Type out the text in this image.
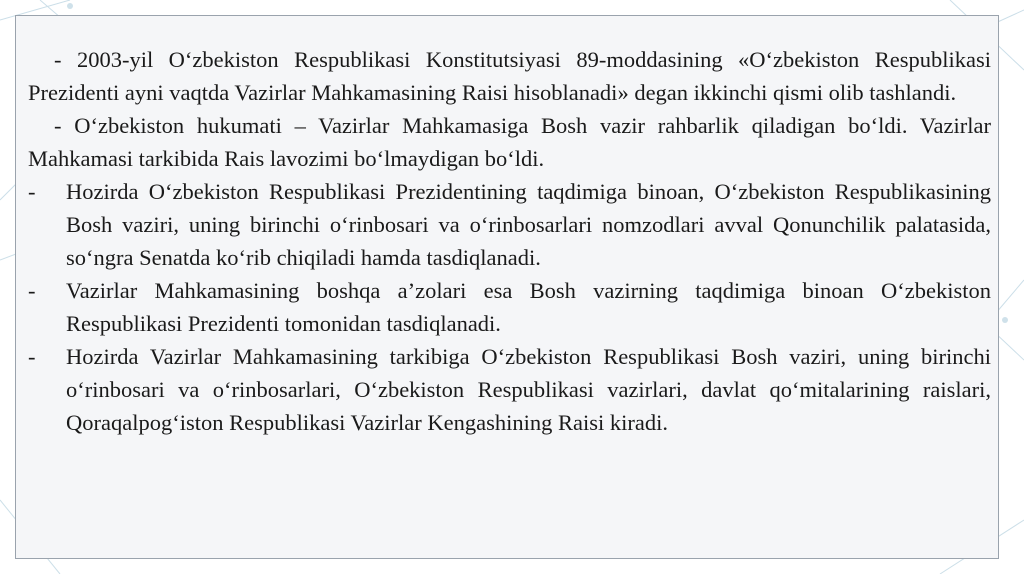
- 2003-yil O‘zbekiston Respublikasi Konstitutsiyasi 89-moddasining «O‘zbekiston Respublikasi Prezidenti ayni vaqtda Vazirlar Mahkamasining Raisi hisoblanadi» degan ikkinchi qismi olib tashlandi.

- O‘zbekiston hukumati – Vazirlar Mahkamasiga Bosh vazir rahbarlik qiladigan bo‘ldi. Vazirlar Mahkamasi tarkibida Rais lavozimi bo‘lmaydigan bo‘ldi.

-	Hozirda O‘zbekiston Respublikasi Prezidentining taqdimiga binoan, O‘zbekiston Respublikasining Bosh vaziri, uning birinchi o‘rinbosari va o‘rinbosarlari nomzodlari avval Qonunchilik palatasida, so‘ngra Senatda ko‘rib chiqiladi hamda tasdiqlanadi.
-	Vazirlar Mahkamasining boshqa a’zolari esa Bosh vazirning taqdimiga binoan O‘zbekiston Respublikasi Prezidenti tomonidan tasdiqlanadi.
-	Hozirda Vazirlar Mahkamasining tarkibiga O‘zbekiston Respublikasi Bosh vaziri, uning birinchi o‘rinbosari va o‘rinbosarlari, O‘zbekiston Respublikasi vazirlari, davlat qo‘mitalarining raislari, Qoraqalpog‘iston Respublikasi Vazirlar Kengashining Raisi kiradi.
